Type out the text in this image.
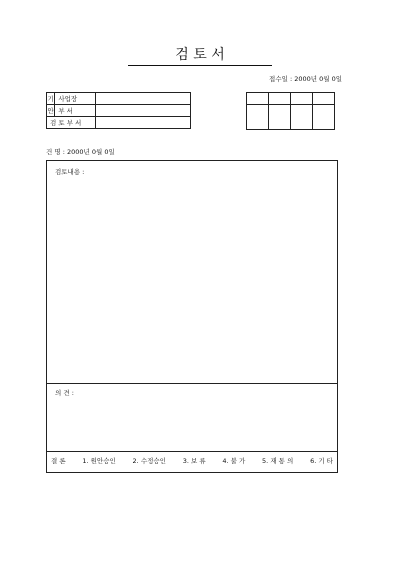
검 토 서
접수일 : 2000년 0월 0일
기	사업장	
안	부 서	
검 토 부 서		

건 명 : 2000년 0월 0일
검토내용 :
의 견 :
결 론	1. 원안승인	2. 수정승인	3. 보 류	4. 불 가	5. 재 통 의	6. 기 타
